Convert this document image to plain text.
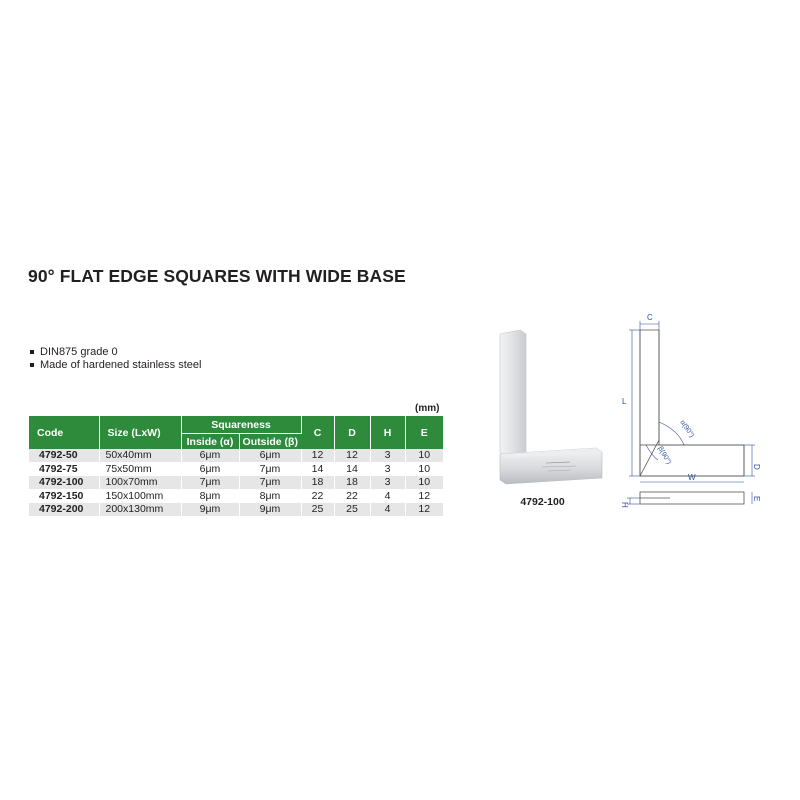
90° FLAT EDGE SQUARES WITH WIDE BASE
DIN875 grade 0
Made of hardened stainless steel
(mm)
Code	Size (LxW)	Squareness		C	D	H	E
		Inside (α)	Outside (β)				
4792-50	50x40mm	6μm	6μm	12	12	3	10
4792-75	75x50mm	6μm	7μm	14	14	3	10
4792-100	100x70mm	7μm	7μm	18	18	3	10
4792-150	150x100mm	8μm	8μm	22	22	4	12
4792-200	200x130mm	9μm	9μm	25	25	4	12
4792-100
C
L
α(90°)
β(90°)
D
W
H
E
